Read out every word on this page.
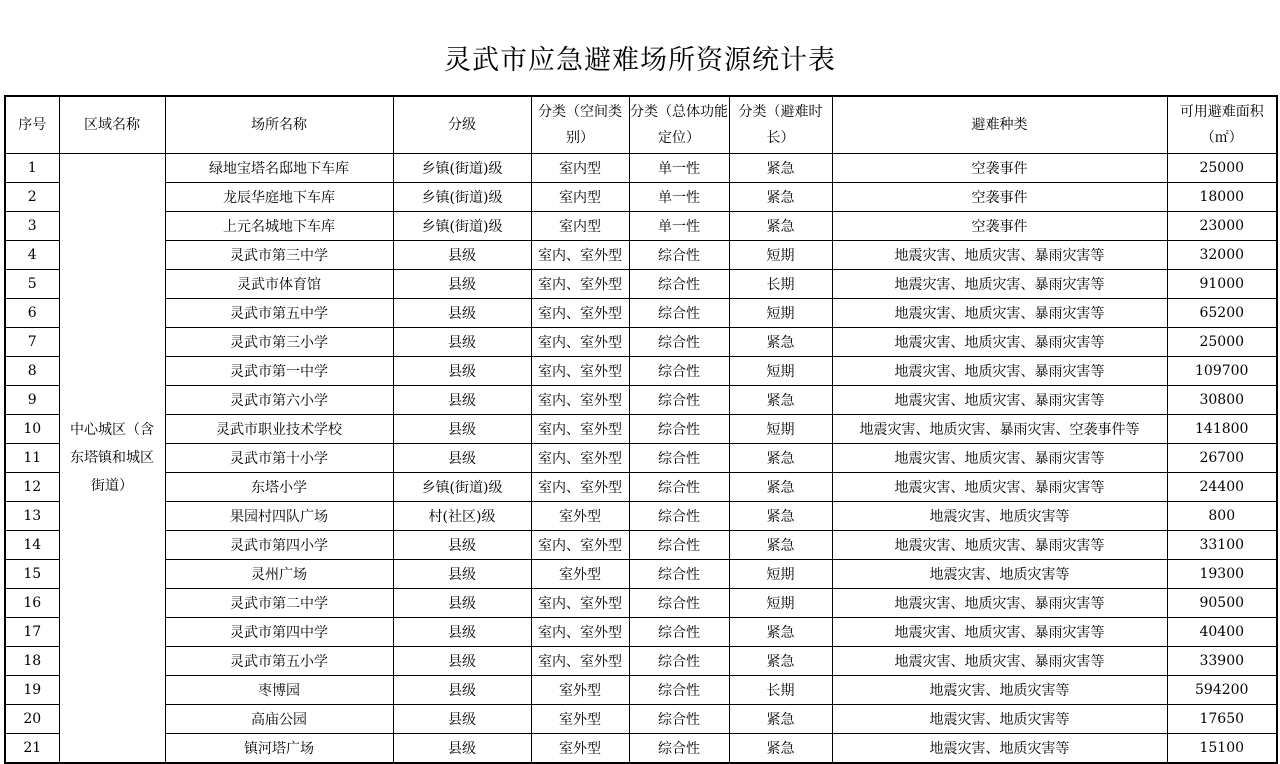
灵武市应急避难场所资源统计表
序号	区域名称	场所名称	分级	分类（空间类别）	分类（总体功能定位）	分类（避难时长）	避难种类	可用避难面积（㎡）
1	中心城区（含东塔镇和城区街道）	绿地宝塔名邸地下车库	乡镇(街道)级	室内型	单一性	紧急	空袭事件	25000
2		龙辰华庭地下车库	乡镇(街道)级	室内型	单一性	紧急	空袭事件	18000
3		上元名城地下车库	乡镇(街道)级	室内型	单一性	紧急	空袭事件	23000
4		灵武市第三中学	县级	室内、室外型	综合性	短期	地震灾害、地质灾害、暴雨灾害等	32000
5		灵武市体育馆	县级	室内、室外型	综合性	长期	地震灾害、地质灾害、暴雨灾害等	91000
6		灵武市第五中学	县级	室内、室外型	综合性	短期	地震灾害、地质灾害、暴雨灾害等	65200
7		灵武市第三小学	县级	室内、室外型	综合性	紧急	地震灾害、地质灾害、暴雨灾害等	25000
8		灵武市第一中学	县级	室内、室外型	综合性	短期	地震灾害、地质灾害、暴雨灾害等	109700
9		灵武市第六小学	县级	室内、室外型	综合性	紧急	地震灾害、地质灾害、暴雨灾害等	30800
10		灵武市职业技术学校	县级	室内、室外型	综合性	短期	地震灾害、地质灾害、暴雨灾害、空袭事件等	141800
11		灵武市第十小学	县级	室内、室外型	综合性	紧急	地震灾害、地质灾害、暴雨灾害等	26700
12		东塔小学	乡镇(街道)级	室内、室外型	综合性	紧急	地震灾害、地质灾害、暴雨灾害等	24400
13		果园村四队广场	村(社区)级	室外型	综合性	紧急	地震灾害、地质灾害等	800
14		灵武市第四小学	县级	室内、室外型	综合性	紧急	地震灾害、地质灾害、暴雨灾害等	33100
15		灵州广场	县级	室外型	综合性	短期	地震灾害、地质灾害等	19300
16		灵武市第二中学	县级	室内、室外型	综合性	短期	地震灾害、地质灾害、暴雨灾害等	90500
17		灵武市第四中学	县级	室内、室外型	综合性	紧急	地震灾害、地质灾害、暴雨灾害等	40400
18		灵武市第五小学	县级	室内、室外型	综合性	紧急	地震灾害、地质灾害、暴雨灾害等	33900
19		枣博园	县级	室外型	综合性	长期	地震灾害、地质灾害等	594200
20		高庙公园	县级	室外型	综合性	紧急	地震灾害、地质灾害等	17650
21		镇河塔广场	县级	室外型	综合性	紧急	地震灾害、地质灾害等	15100
